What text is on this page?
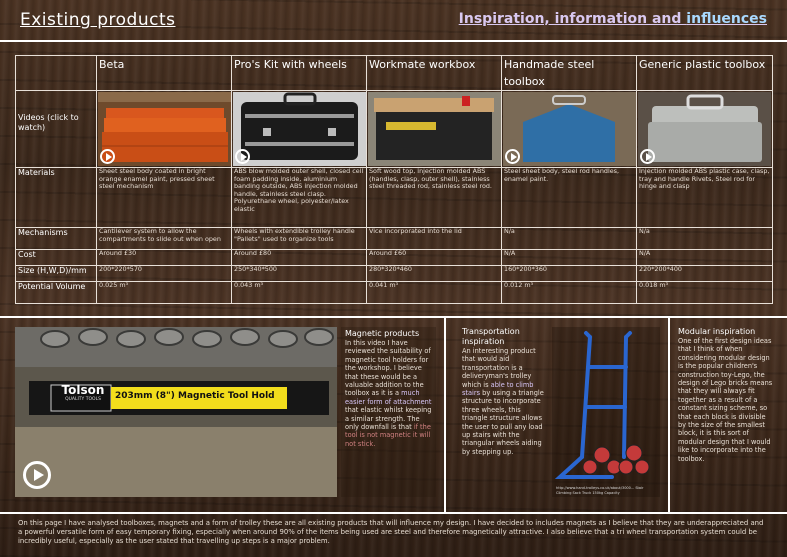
Existing products	Inspiration, information and influences
	Beta	Pro's Kit with wheels	Workmate workbox	Handmade steel toolbox	Generic plastic toolbox
Videos (click to watch)	

Materials	Sheet steel body coated in bright orange enamel paint, pressed sheet steel mechanism	ABS blow molded outer shell, closed cell foam padding inside, aluminium banding outside, ABS injection molded handle, stainless steel clasp. Polyurethane wheel, polyester/latex elastic	Soft wood top, injection molded ABS (handles, clasp, outer shell), stainless steel threaded rod, stainless steel rod.	Steel sheet body, steel rod handles, enamel paint.	Injection molded ABS plastic case, clasp, tray and handle Rivets, Steel rod for hinge and clasp
Mechanisms	Cantilever system to allow the compartments to slide out when open	Wheels with extendible trolley handle "Pallets" used to organize tools	Vice incorporated into the lid	N/a	N/a
Cost	Around £30	Around £80	Around £60	N/A	N/A
Size (H,W,D)/mm	200*220*570	250*340*500	280*320*460	160*200*360	220*200*400
Potential Volume	0.025 m³	0.043 m³	0.041 m³	0.012 m³	0.018 m³
Tolson
QUALITY TOOLS	203mm (8") Magnetic Tool Hold
Magnetic products
In this video I have reviewed the suitability of magnetic tool holders for the workshop. I believe that these would be a valuable addition to the toolbox as it is a much easier form of attachment that elastic whilst keeping a similar strength. The only downfall is that if the tool is not magnetic it will not stick.
Transportation inspiration
An interesting product that would aid transportation is a deliveryman's trolley which is able to climb stairs by using a triangle structure to incorporate three wheels, this triangle structure allows the user to pull any load up stairs with the triangular wheels aiding by stepping up.
http://www.hand-trolleys.co.uk/about/3000... Stair Climbing Sack Truck 150kg Capacity
Modular inspiration
One of the first design ideas that I think of when considering modular design is the popular children's construction toy-Lego, the design of Lego bricks means that they will always fit together as a result of a constant sizing scheme, so that each block is divisible by the size of the smallest block, it is this sort of modular design that I would like to incorporate into the toolbox.
On this page I have analysed toolboxes, magnets and a form of trolley these are all existing products that will influence my design. I have decided to includes magnets as I believe that they are underappreciated and a powerful versatile form of easy temporary fixing, especially when around 90% of the items being used are steel and therefore magnetically attractive. I also believe that a tri wheel transportation system could be incredibly useful, especially as the user stated that travelling up steps is a major problem.
